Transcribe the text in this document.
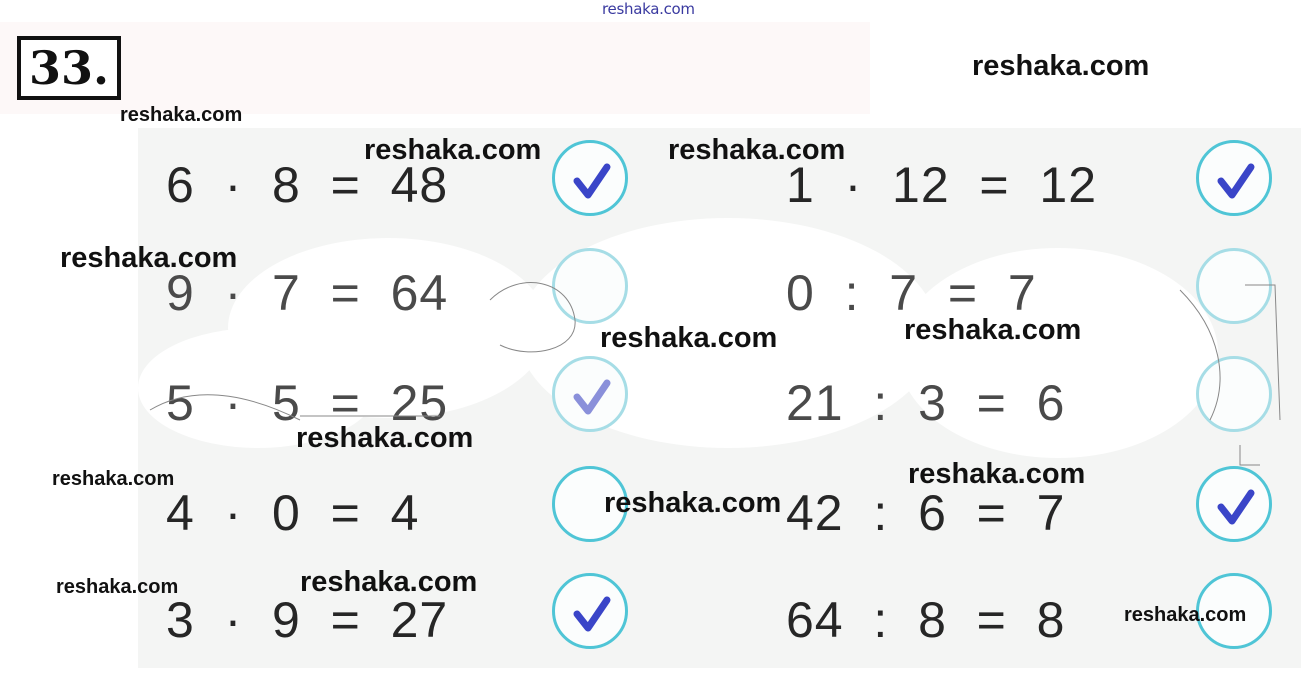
reshaka.com
33.
6  ·  8  =  48
9  ·  7  =  64
5  ·  5  =  25
4  ·  0  =  4
3  ·  9  =  27
1  ·  12  =  12
0  :  7  =  7
21  :  3  =  6
42  :  6  =  7
64  :  8  =  8
reshaka.com
reshaka.com
reshaka.com	reshaka.com
reshaka.com
reshaka.com
reshaka.com
reshaka.com
reshaka.com	reshaka.com
reshaka.com
reshaka.com
reshaka.com
reshaka.com
